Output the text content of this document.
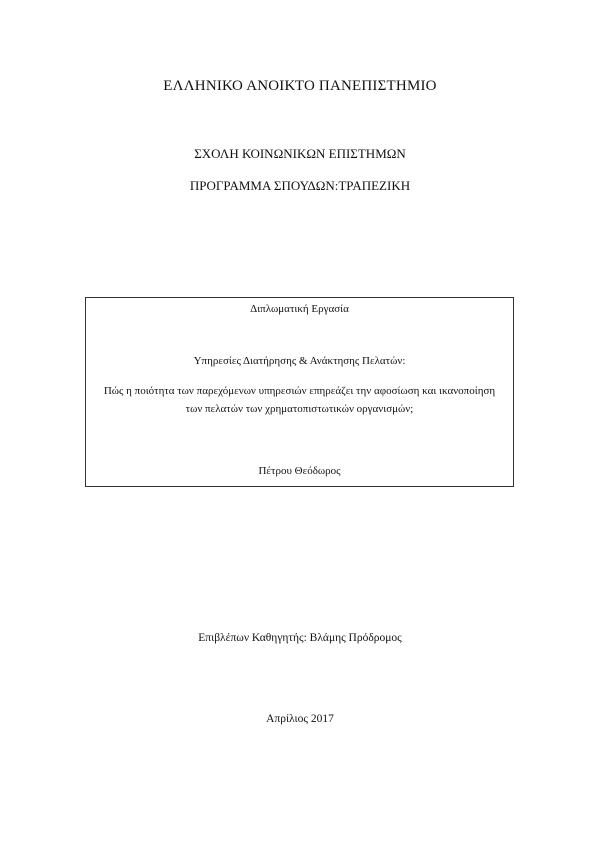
ΕΛΛΗΝΙΚΟ ΑΝΟΙΚΤΟ ΠΑΝΕΠΙΣΤΗΜΙΟ
ΣΧΟΛΗ ΚΟΙΝΩΝΙΚΩΝ ΕΠΙΣΤΗΜΩΝ
ΠΡΟΓΡΑΜΜΑ ΣΠΟΥΔΩΝ:ΤΡΑΠΕΖΙΚΗ
Διπλωματική Εργασία
Υπηρεσίες Διατήρησης & Ανάκτησης Πελατών:
Πώς η ποιότητα των παρεχόμενων υπηρεσιών επηρεάζει την αφοσίωση και ικανοποίηση
των πελατών των χρηματοπιστωτικών οργανισμών;
Πέτρου Θεόδωρος
Επιβλέπων Καθηγητής: Βλάμης Πρόδρομος
Απρίλιος 2017
